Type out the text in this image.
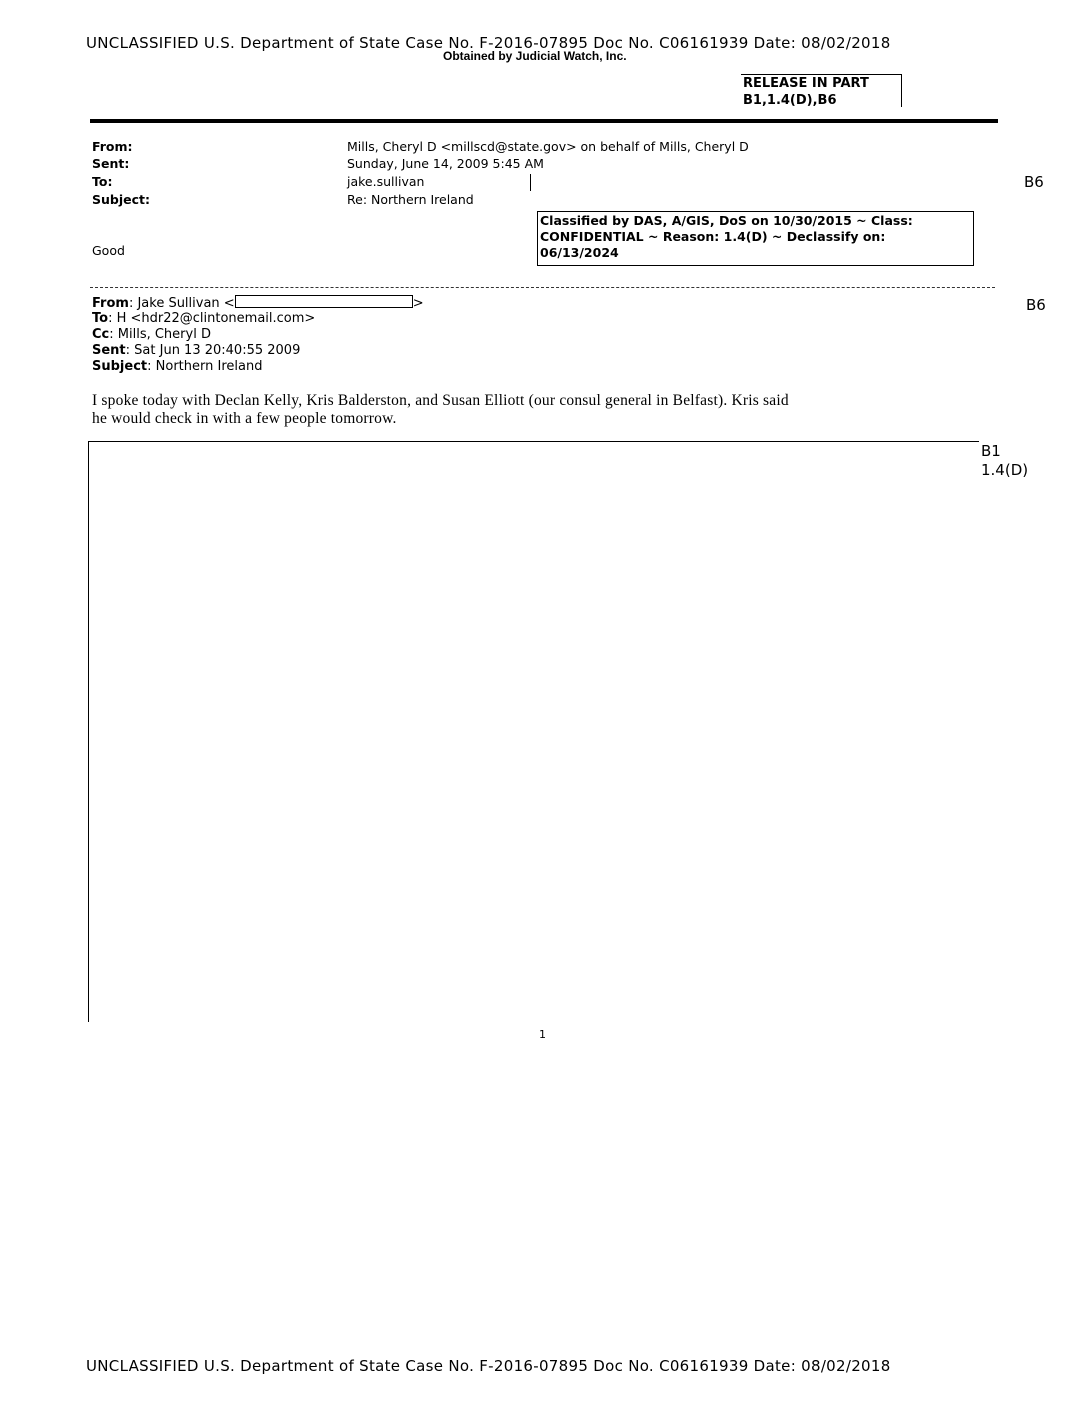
UNCLASSIFIED U.S. Department of State Case No. F-2016-07895 Doc No. C06161939 Date: 08/02/2018
Obtained by Judicial Watch, Inc.
RELEASE IN PART
B1,1.4(D),B6
From:	Mills, Cheryl D <millscd@state.gov> on behalf of Mills, Cheryl D
Sent:	Sunday, June 14, 2009 5:45 AM
To:	jake.sullivan
Subject:	Re: Northern Ireland
B6
Classified by DAS, A/GIS, DoS on 10/30/2015 ~ Class:
CONFIDENTIAL ~ Reason: 1.4(D) ~ Declassify on:
06/13/2024
Good
From: Jake Sullivan <	>	B6
To: H <hdr22@clintonemail.com>
Cc: Mills, Cheryl D
Sent: Sat Jun 13 20:40:55 2009
Subject: Northern Ireland
I spoke today with Declan Kelly, Kris Balderston, and Susan Elliott (our consul general in Belfast). Kris said
he would check in with a few people tomorrow.
B1
1.4(D)
1
UNCLASSIFIED U.S. Department of State Case No. F-2016-07895 Doc No. C06161939 Date: 08/02/2018
